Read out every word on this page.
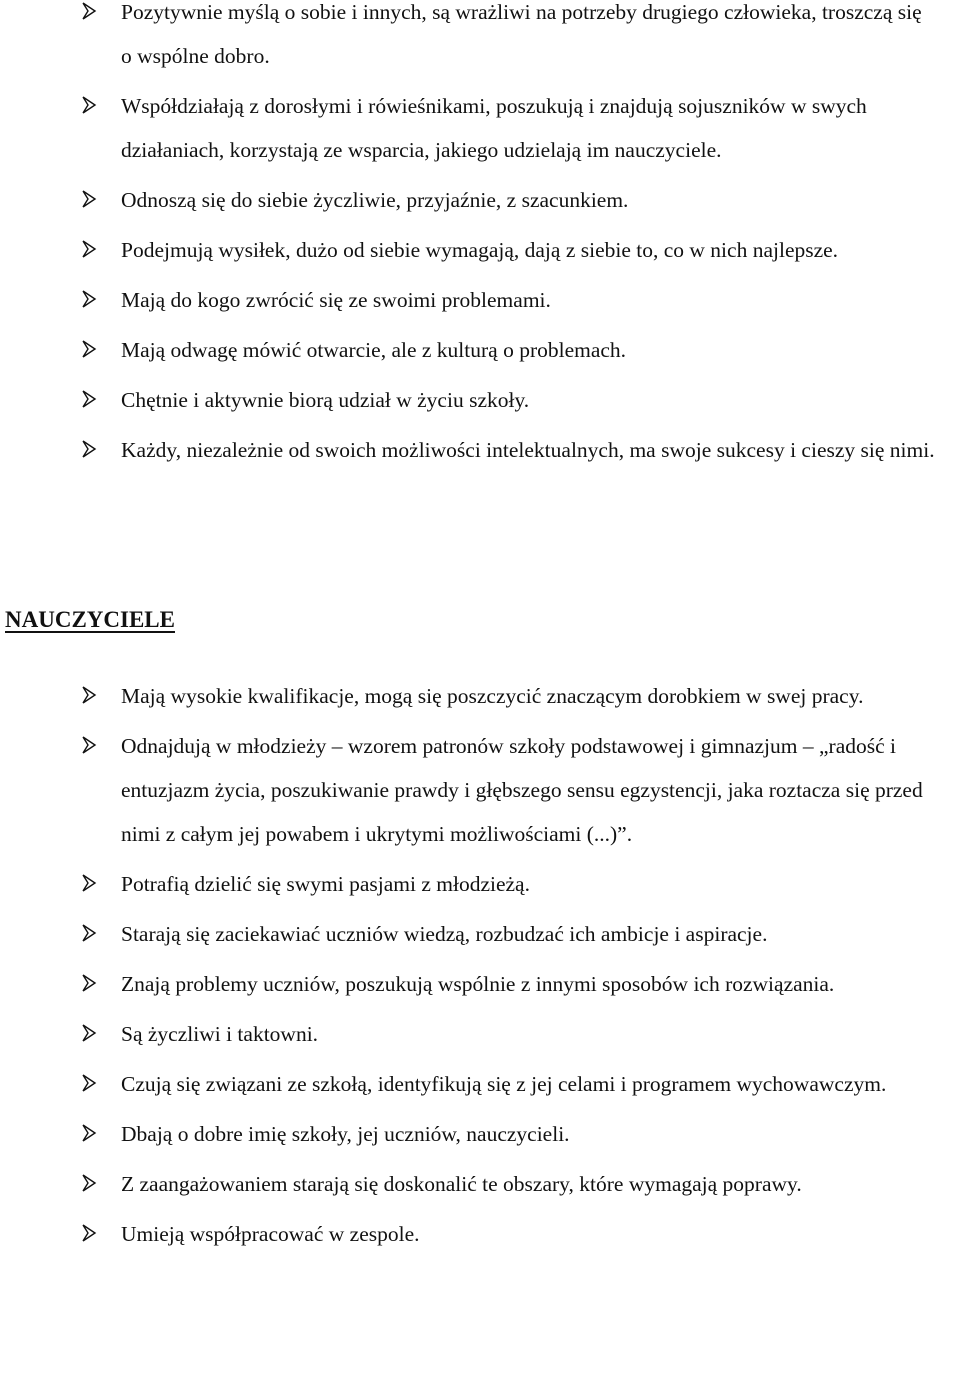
Pozytywnie myślą o sobie i innych, są wrażliwi na potrzeby drugiego człowieka, troszczą się o wspólne dobro.

Współdziałają z dorosłymi i rówieśnikami, poszukują i znajdują sojuszników w swych działaniach, korzystają ze wsparcia, jakiego udzielają im nauczyciele.

Odnoszą się do siebie życzliwie, przyjaźnie, z szacunkiem.

Podejmują wysiłek, dużo od siebie wymagają, dają z siebie to, co w nich najlepsze.

Mają do kogo zwrócić się ze swoimi problemami.

Mają odwagę mówić otwarcie, ale z kulturą o problemach.

Chętnie i aktywnie biorą udział w życiu szkoły.

Każdy, niezależnie od swoich możliwości intelektualnych, ma swoje sukcesy i cieszy się nimi.

NAUCZYCIELE

Mają wysokie kwalifikacje, mogą się poszczycić znaczącym dorobkiem w swej pracy.

Odnajdują w młodzieży – wzorem patronów szkoły podstawowej i gimnazjum – „radość i entuzjazm życia, poszukiwanie prawdy i głębszego sensu egzystencji, jaka roztacza się przed nimi z całym jej powabem i ukrytymi możliwościami (...)”.

Potrafią dzielić się swymi pasjami z młodzieżą.

Starają się zaciekawiać uczniów wiedzą, rozbudzać ich ambicje i aspiracje.

Znają problemy uczniów, poszukują wspólnie z innymi sposobów ich rozwiązania.

Są życzliwi i taktowni.

Czują się związani ze szkołą, identyfikują się z jej celami i programem wychowawczym.

Dbają o dobre imię szkoły, jej uczniów, nauczycieli.

Z zaangażowaniem starają się doskonalić te obszary, które wymagają poprawy.

Umieją współpracować w zespole.
